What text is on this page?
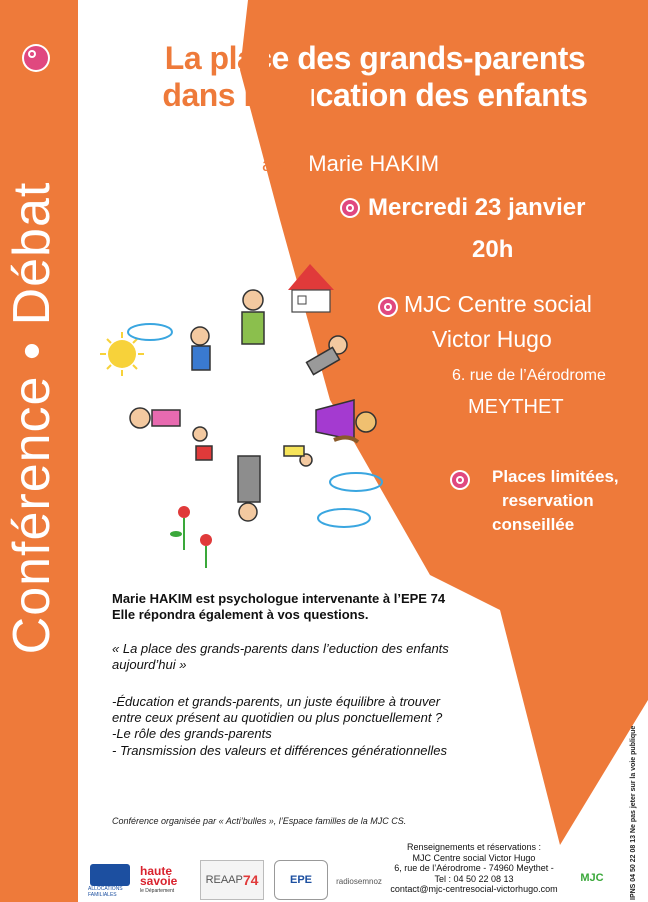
Conférence • Débat
La place des grands-parents
dans l’éducation des enfants
avec Marie HAKIM
Mercredi 23 janvier
20h
MJC Centre social
Victor Hugo
6. rue de l’Aérodrome
MEYTHET
Places limitées,
reservation
conseillée
Marie HAKIM est psychologue intervenante à l’EPE 74
Elle répondra également à vos questions.
« La place des grands-parents dans l’eduction des enfants
aujourd’hui »
-Éducation et grands-parents, un juste équilibre à trouver
entre ceux présent au quotidien ou plus ponctuellement ?
-Le rôle des grands-parents
- Transmission des valeurs et différences générationnelles
Conférence organisée par « Acti’bulles », l’Espace familles de la MJC CS.
Renseignements et réservations :
MJC Centre social Victor Hugo
6, rue de l’Aérodrome - 74960 Meythet -
Tel : 04 50 22 08 13
contact@mjc-centresocial-victorhugo.com	IPNS 04 50 22 08 13 Ne pas jeter sur la voie publique
ALLOCATIONS FAMILIALES
haute
savoie
le Département
REAAP 74	EPE	radiosemnoz	MJC
